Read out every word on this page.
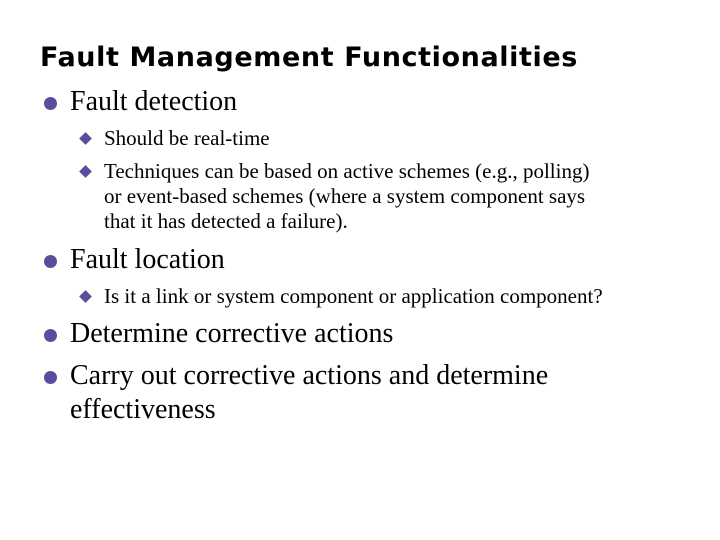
Fault Management Functionalities
Fault detection
Should be real-time
Techniques can be based on active schemes (e.g., polling)
or event-based schemes (where a system component says
that it has detected a failure).
Fault location
Is it a link or system component or application component?
Determine corrective actions
Carry out corrective actions and determine
effectiveness
